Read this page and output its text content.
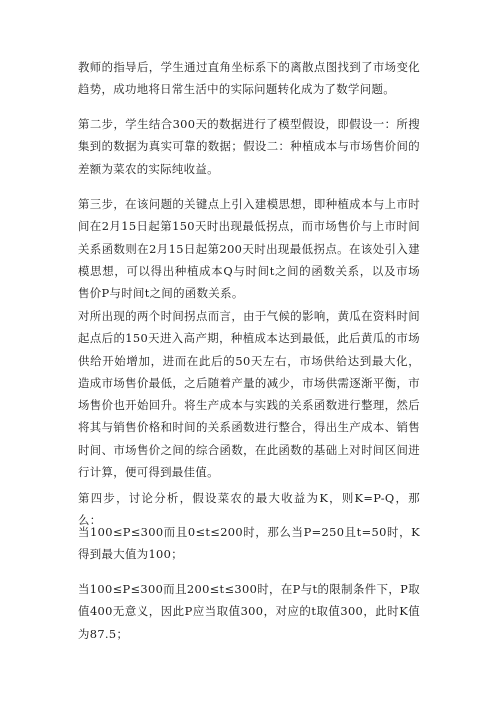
教师的指导后，学生通过直角坐标系下的离散点图找到了市场变化趋势，成功地将日常生活中的实际问题转化成为了数学问题。

第二步，学生结合300天的数据进行了模型假设，即假设一：所搜集到的数据为真实可靠的数据；假设二：种植成本与市场售价间的差额为菜农的实际纯收益。

第三步，在该问题的关键点上引入建模思想，即种植成本与上市时间在2月15日起第150天时出现最低拐点，而市场售价与上市时间关系函数则在2月15日起第200天时出现最低拐点。在该处引入建模思想，可以得出种植成本Q与时间t之间的函数关系，以及市场售价P与时间t之间的函数关系。

对所出现的两个时间拐点而言，由于气候的影响，黄瓜在资料时间起点后的150天进入高产期，种植成本达到最低，此后黄瓜的市场供给开始增加，进而在此后的50天左右，市场供给达到最大化，造成市场售价最低，之后随着产量的减少，市场供需逐渐平衡，市场售价也开始回升。将生产成本与实践的关系函数进行整理，然后将其与销售价格和时间的关系函数进行整合，得出生产成本、销售时间、市场售价之间的综合函数，在此函数的基础上对时间区间进行计算，便可得到最佳值。

第四步，讨论分析，假设菜农的最大收益为K，则K=P-Q，那么：

当100≤P≤300而且0≤t≤200时，那么当P=250且t=50时，K得到最大值为100；

当100≤P≤300而且200≤t≤300时，在P与t的限制条件下，P取值400无意义，因此P应当取值300，对应的t取值300，此时K值为87.5；
